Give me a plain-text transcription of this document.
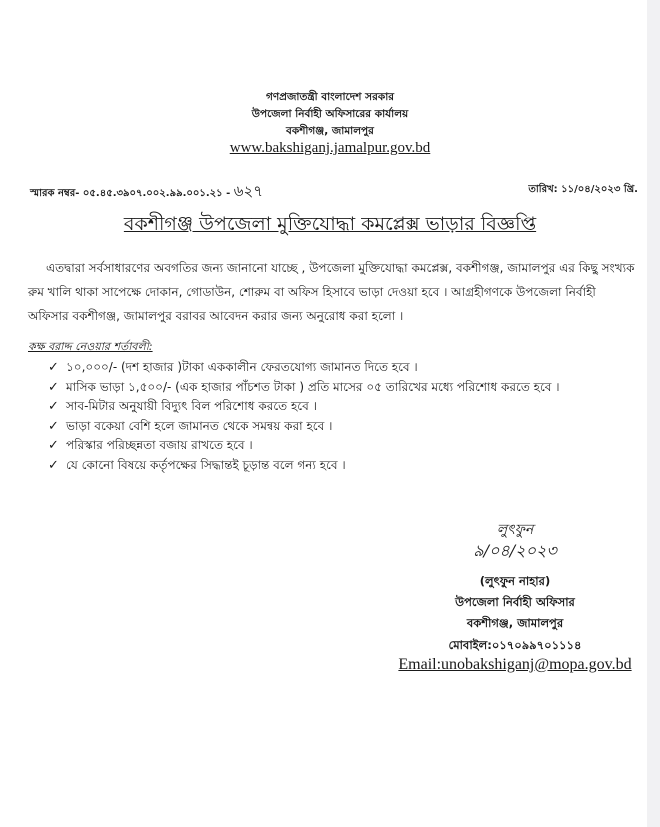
গণপ্রজাতন্ত্রী বাংলাদেশ সরকার
উপজেলা নির্বাহী অফিসারের কার্যালয়
বকশীগঞ্জ, জামালপুর
www.bakshiganj.jamalpur.gov.bd
স্মারক নম্বর- ০৫.৪৫.৩৯০৭.০০২.৯৯.০০১.২১ - ৬২৭	তারিখ: ১১/০৪/২০২৩ খ্রি.
বকশীগঞ্জ উপজেলা মুক্তিযোদ্ধা কমপ্লেক্স ভাড়ার বিজ্ঞপ্তি
এতদ্বারা সর্বসাধারণের অবগতির জন্য জানানো যাচ্ছে , উপজেলা মুক্তিযোদ্ধা কমপ্লেক্স, বকশীগঞ্জ, জামালপুর এর কিছু সংখ্যক রুম খালি থাকা সাপেক্ষে দোকান, গোডাউন, শোরুম বা অফিস হিসাবে ভাড়া দেওয়া হবে । আগ্রহীগণকে উপজেলা নির্বাহী অফিসার বকশীগঞ্জ, জামালপুর বরাবর আবেদন করার জন্য অনুরোধ করা হলো ।
কক্ষ বরাদ্দ নেওয়ার শর্তাবলী:
✓ ১০,০০০/- (দশ হাজার )টাকা এককালীন ফেরতযোগ্য জামানত দিতে হবে ।
✓ মাসিক ভাড়া ১,৫০০/- (এক হাজার পাঁচশত টাকা ) প্রতি মাসের ০৫ তারিখের মধ্যে পরিশোধ করতে হবে ।
✓ সাব-মিটার অনুযায়ী বিদ্যুৎ বিল পরিশোধ করতে হবে ।
✓ ভাড়া বকেয়া বেশি হলে জামানত থেকে সমন্বয় করা হবে ।
✓ পরিস্কার পরিচ্ছন্নতা বজায় রাখতে হবে ।
✓ যে কোনো বিষয়ে কর্তৃপক্ষের সিদ্ধান্তই চূড়ান্ত বলে গন্য হবে ।
লুৎফুন
৯/০৪/২০২৩
(লুৎফুন নাহার)
উপজেলা নির্বাহী অফিসার
বকশীগঞ্জ, জামালপুর
মোবাইল:০১৭০৯৯৭০১১১৪
Email:unobakshiganj@mopa.gov.bd
